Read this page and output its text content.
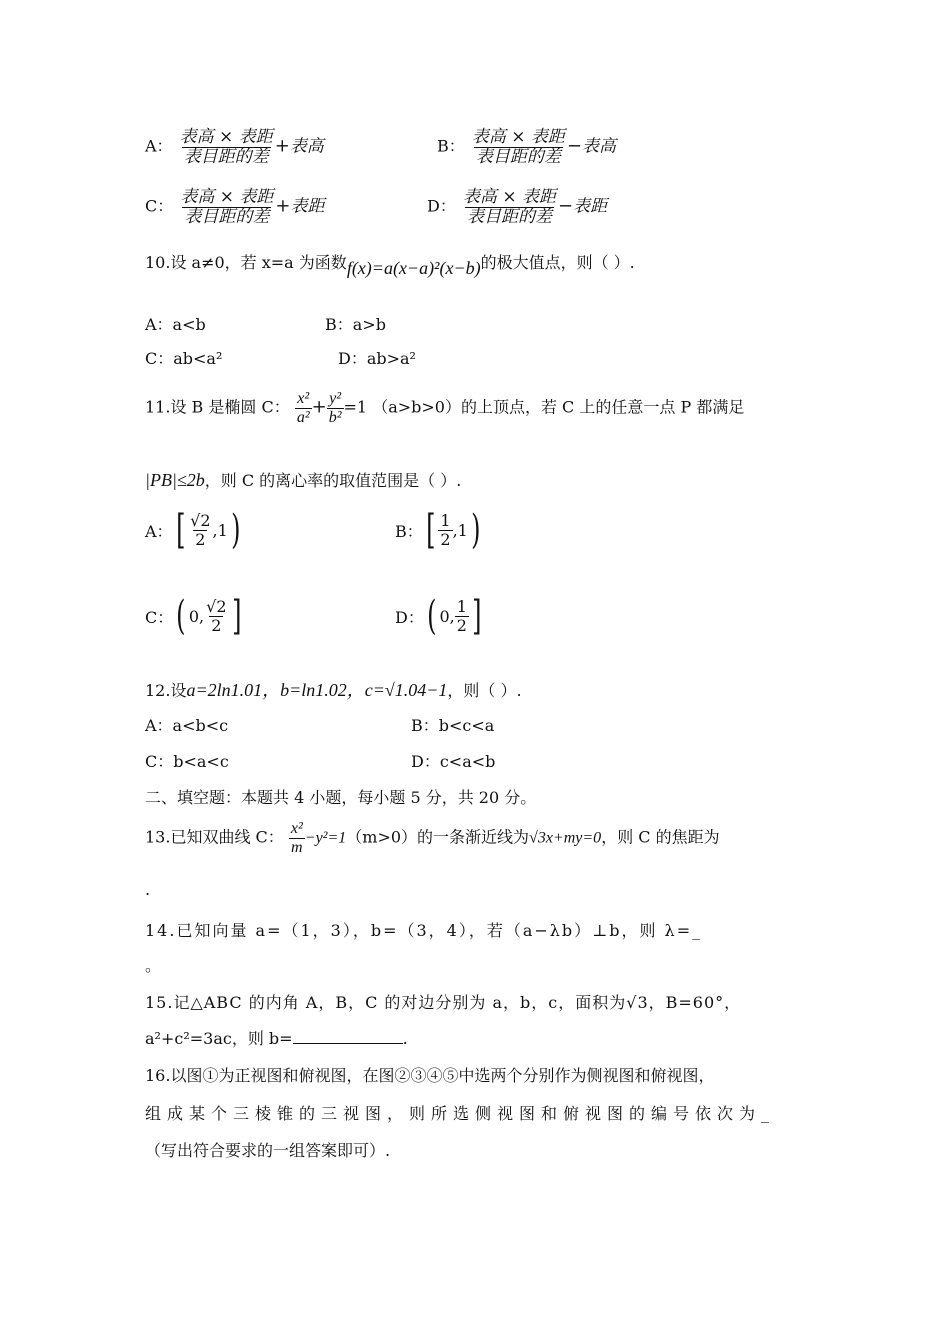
A： $\frac{\text{表高 × 表距}}{\text{表目距的差}}$ +表高	B： $\frac{\text{表高 × 表距}}{\text{表目距的差}}$ −表高
C： $\frac{\text{表高 × 表距}}{\text{表目距的差}}$ +表距	D： $\frac{\text{表高 × 表距}}{\text{表目距的差}}$ −表距
10.设 a≠0，若 x=a 为函数f(x)=a(x−a)²(x−b)的极大值点，则（ ）.
A：a<b	B：a>b
C：ab<a²	D：ab>a²
11.设 B 是椭圆 C： $\frac{\text{x²}}{\text{a²}} + \frac{\text{y²}}{\text{b²}} =1$ （a>b>0）的上顶点，若 C 上的任意一点 P 都满足
|PB|≤2b，则 C 的离心率的取值范围是（ ）.
A： [ $\frac{√2}{2} ,1$ )	B： [ $\frac{1}{2} ,1$ )
C： ( 0, $\frac{√2}{2}$ ]	D： ( 0, $\frac{1}{2}$ ]
12.设a=2ln1.01，b=ln1.02，c=√1.04−1，则（ ）.
A：a<b<c	B：b<c<a
C：b<a<c	D：c<a<b
二、填空题：本题共 4 小题，每小题 5 分，共 20 分。
13.已知双曲线 C： $\frac{\text{x²}}{m} -y^2=1(m>0)$的一条渐近线为√3x+my=0，则 C 的焦距为
.
14.已知向量 a=（1，3），b=（3，4），若（a−λb）⊥b，则 λ=_
。
15.记△ABC 的内角 A，B，C 的对边分别为 a，b，c，面积为√3，B=60°，
a²+c²=3ac，则 b=	.
16.以图①为正视图和俯视图，在图②③④⑤中选两个分别作为侧视图和俯视图，
组成某个三棱锥的三视图，则所选侧视图和俯视图的编号依次为_
（写出符合要求的一组答案即可）.
